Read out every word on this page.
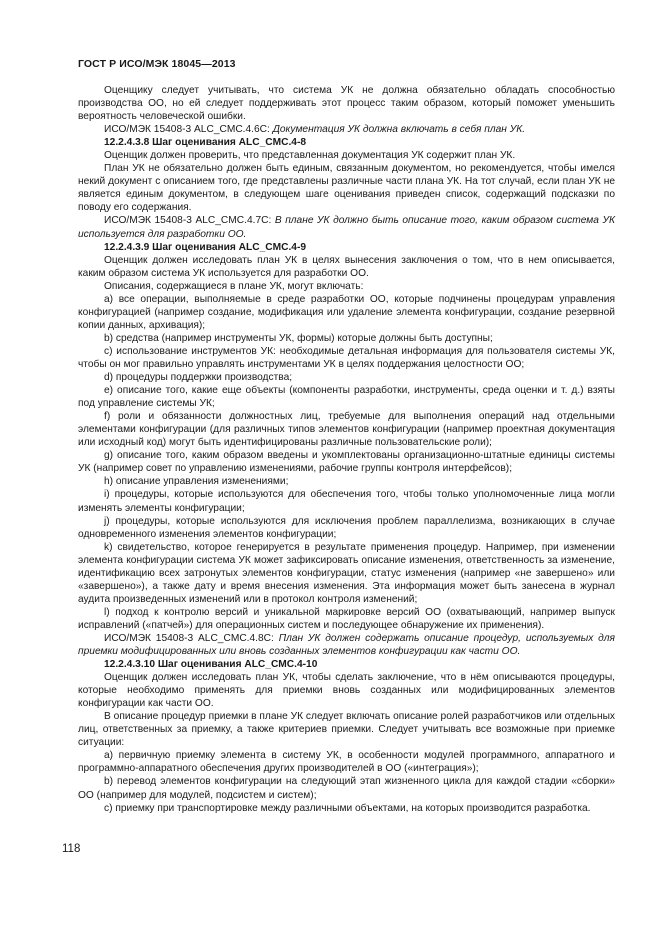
ГОСТ Р ИСО/МЭК 18045—2013

Оценщику следует учитывать, что система УК не должна обязательно обладать способностью производства ОО, но ей следует поддерживать этот процесс таким образом, который поможет уменьшить вероятность человеческой ошибки.

ИСО/МЭК 15408-3 ALC_CMC.4.6C: Документация УК должна включать в себя план УК.

12.2.4.3.8 Шаг оценивания ALC_CMC.4-8

Оценщик должен проверить, что представленная документация УК содержит план УК.

План УК не обязательно должен быть единым, связанным документом, но рекомендуется, чтобы имелся некий документ с описанием того, где представлены различные части плана УК. На тот случай, если план УК не является единым документом, в следующем шаге оценивания приведен список, содержащий подсказки по поводу его содержания.

ИСО/МЭК 15408-3 ALC_CMC.4.7C: В плане УК должно быть описание того, каким образом система УК используется для разработки ОО.

12.2.4.3.9 Шаг оценивания ALC_CMC.4-9

Оценщик должен исследовать план УК в целях вынесения заключения о том, что в нем описывается, каким образом система УК используется для разработки ОО.

Описания, содержащиеся в плане УК, могут включать:

a) все операции, выполняемые в среде разработки ОО, которые подчинены процедурам управления конфигурацией (например создание, модификация или удаление элемента конфигурации, создание резервной копии данных, архивация);

b) средства (например инструменты УК, формы) которые должны быть доступны;

c) использование инструментов УК: необходимые детальная информация для пользователя системы УК, чтобы он мог правильно управлять инструментами УК в целях поддержания целостности ОО;

d) процедуры поддержки производства;

e) описание того, какие еще объекты (компоненты разработки, инструменты, среда оценки и т. д.) взяты под управление системы УК;

f) роли и обязанности должностных лиц, требуемые для выполнения операций над отдельными элементами конфигурации (для различных типов элементов конфигурации (например проектная документация или исходный код) могут быть идентифицированы различные пользовательские роли);

g) описание того, каким образом введены и укомплектованы организационно-штатные единицы системы УК (например совет по управлению изменениями, рабочие группы контроля интерфейсов);

h) описание управления изменениями;

i) процедуры, которые используются для обеспечения того, чтобы только уполномоченные лица могли изменять элементы конфигурации;

j) процедуры, которые используются для исключения проблем параллелизма, возникающих в случае одновременного изменения элементов конфигурации;

k) свидетельство, которое генерируется в результате применения процедур. Например, при изменении элемента конфигурации система УК может зафиксировать описание изменения, ответственность за изменение, идентификацию всех затронутых элементов конфигурации, статус изменения (например «не завершено» или «завершено»), а также дату и время внесения изменения. Эта информация может быть занесена в журнал аудита произведенных изменений или в протокол контроля изменений;

l) подход к контролю версий и уникальной маркировке версий ОО (охватывающий, например выпуск исправлений («патчей») для операционных систем и последующее обнаружение их применения).

ИСО/МЭК 15408-3 ALC_CMC.4.8C: План УК должен содержать описание процедур, используемых для приемки модифицированных или вновь созданных элементов конфигурации как части ОО.

12.2.4.3.10 Шаг оценивания ALC_CMC.4-10

Оценщик должен исследовать план УК, чтобы сделать заключение, что в нём описываются процедуры, которые необходимо применять для приемки вновь созданных или модифицированных элементов конфигурации как части ОО.

В описание процедур приемки в плане УК следует включать описание ролей разработчиков или отдельных лиц, ответственных за приемку, а также критериев приемки. Следует учитывать все возможные при приемке ситуации:

a) первичную приемку элемента в систему УК, в особенности модулей программного, аппаратного и программно-аппаратного обеспечения других производителей в ОО («интеграция»);

b) перевод элементов конфигурации на следующий этап жизненного цикла для каждой стадии «сборки» ОО (например для модулей, подсистем и систем);

c) приемку при транспортировке между различными объектами, на которых производится разработка.

118
